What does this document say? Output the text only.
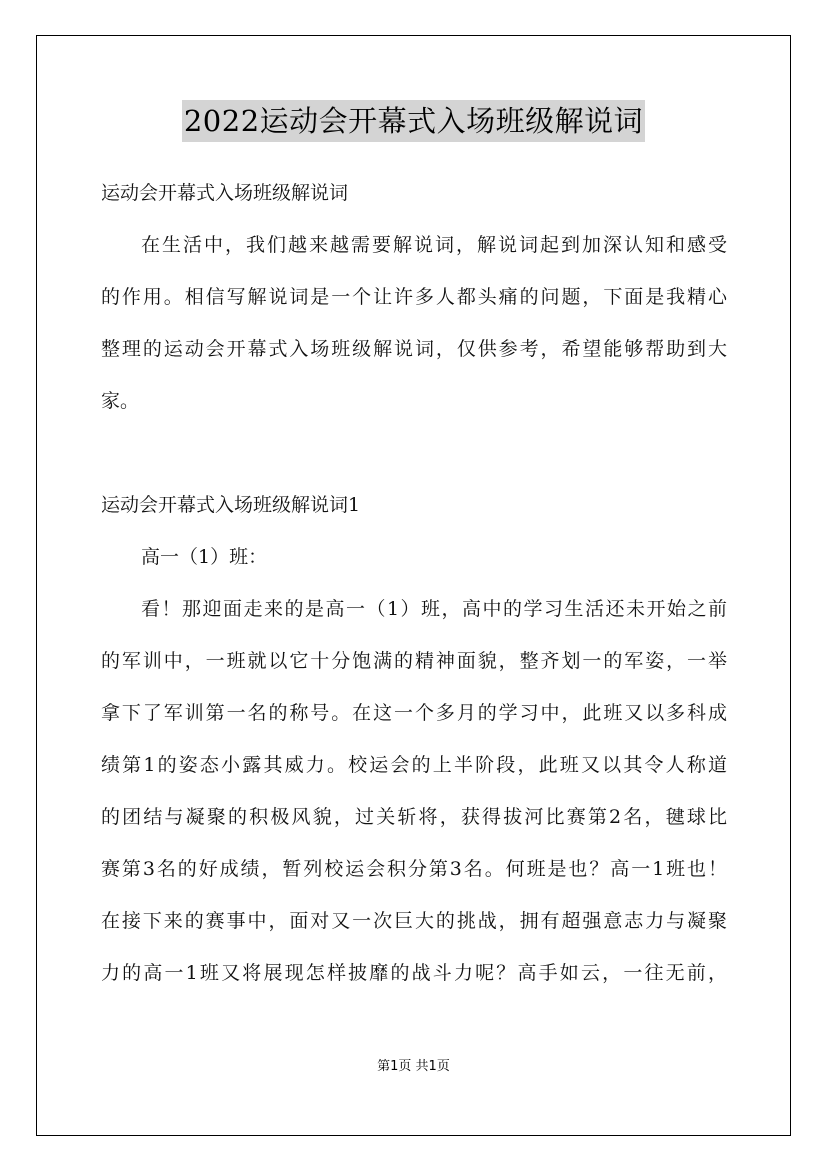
2022运动会开幕式入场班级解说词
运动会开幕式入场班级解说词
在生活中，我们越来越需要解说词，解说词起到加深认知和感受
的作用。相信写解说词是一个让许多人都头痛的问题，下面是我精心
整理的运动会开幕式入场班级解说词，仅供参考，希望能够帮助到大
家。
运动会开幕式入场班级解说词1
高一（1）班：
看！那迎面走来的是高一（1）班，高中的学习生活还未开始之前
的军训中，一班就以它十分饱满的精神面貌，整齐划一的军姿，一举
拿下了军训第一名的称号。在这一个多月的学习中，此班又以多科成
绩第1的姿态小露其威力。校运会的上半阶段，此班又以其令人称道
的团结与凝聚的积极风貌，过关斩将，获得拔河比赛第2名，毽球比
赛第3名的好成绩，暂列校运会积分第3名。何班是也？高一1班也！
在接下来的赛事中，面对又一次巨大的挑战，拥有超强意志力与凝聚
力的高一1班又将展现怎样披靡的战斗力呢？高手如云，一往无前，
第1页 共1页
